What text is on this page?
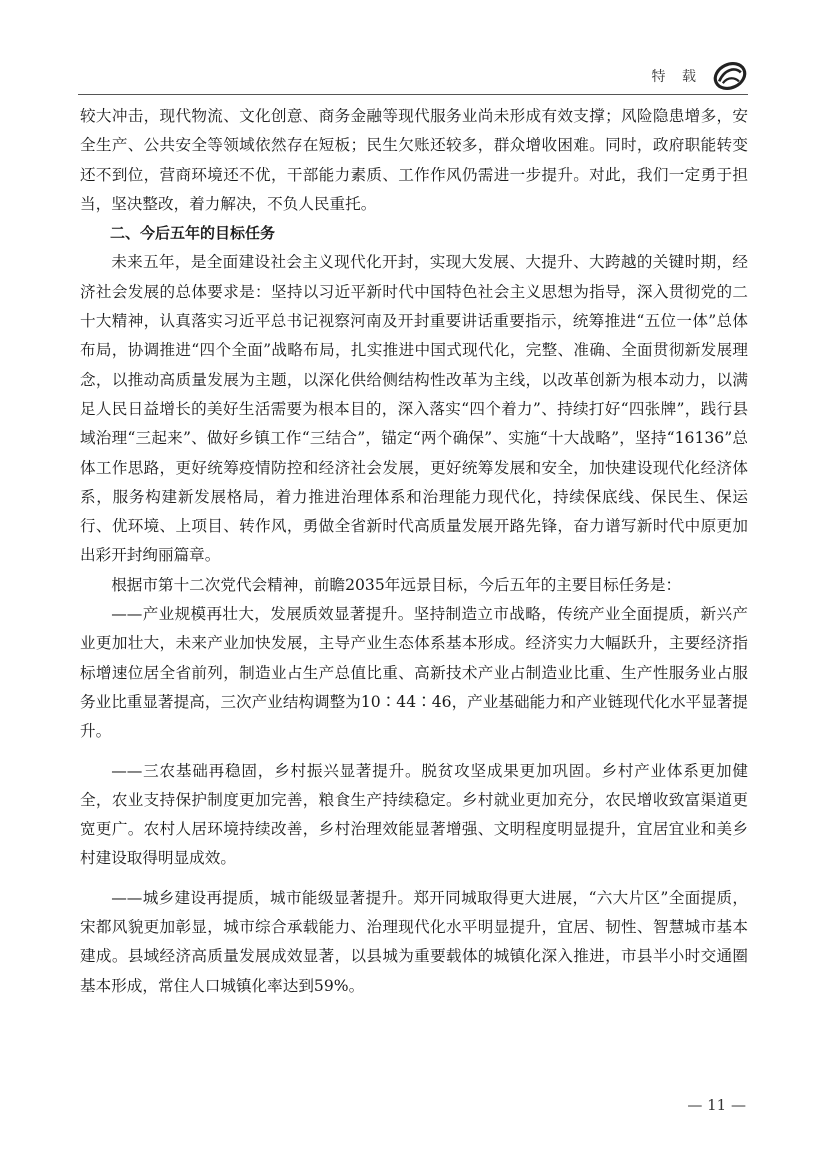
特 载

较大冲击，现代物流、文化创意、商务金融等现代服务业尚未形成有效支撑；风险隐患增多，安全生产、公共安全等领域依然存在短板；民生欠账还较多，群众增收困难。同时，政府职能转变还不到位，营商环境还不优，干部能力素质、工作作风仍需进一步提升。对此，我们一定勇于担当，坚决整改，着力解决，不负人民重托。

二、今后五年的目标任务

未来五年，是全面建设社会主义现代化开封，实现大发展、大提升、大跨越的关键时期，经济社会发展的总体要求是：坚持以习近平新时代中国特色社会主义思想为指导，深入贯彻党的二十大精神，认真落实习近平总书记视察河南及开封重要讲话重要指示，统筹推进“五位一体”总体布局，协调推进“四个全面”战略布局，扎实推进中国式现代化，完整、准确、全面贯彻新发展理念，以推动高质量发展为主题，以深化供给侧结构性改革为主线，以改革创新为根本动力，以满足人民日益增长的美好生活需要为根本目的，深入落实“四个着力”、持续打好“四张牌”，践行县域治理“三起来”、做好乡镇工作“三结合”，锚定“两个确保”、实施“十大战略”，坚持“16136”总体工作思路，更好统筹疫情防控和经济社会发展，更好统筹发展和安全，加快建设现代化经济体系，服务构建新发展格局，着力推进治理体系和治理能力现代化，持续保底线、保民生、保运行、优环境、上项目、转作风，勇做全省新时代高质量发展开路先锋，奋力谱写新时代中原更加出彩开封绚丽篇章。

根据市第十二次党代会精神，前瞻2035年远景目标，今后五年的主要目标任务是：

——产业规模再壮大，发展质效显著提升。坚持制造立市战略，传统产业全面提质，新兴产业更加壮大，未来产业加快发展，主导产业生态体系基本形成。经济实力大幅跃升，主要经济指标增速位居全省前列，制造业占生产总值比重、高新技术产业占制造业比重、生产性服务业占服务业比重显著提高，三次产业结构调整为10∶44∶46，产业基础能力和产业链现代化水平显著提升。

——三农基础再稳固，乡村振兴显著提升。脱贫攻坚成果更加巩固。乡村产业体系更加健全，农业支持保护制度更加完善，粮食生产持续稳定。乡村就业更加充分，农民增收致富渠道更宽更广。农村人居环境持续改善，乡村治理效能显著增强、文明程度明显提升，宜居宜业和美乡村建设取得明显成效。

——城乡建设再提质，城市能级显著提升。郑开同城取得更大进展，“六大片区”全面提质，宋都风貌更加彰显，城市综合承载能力、治理现代化水平明显提升，宜居、韧性、智慧城市基本建成。县域经济高质量发展成效显著，以县城为重要载体的城镇化深入推进，市县半小时交通圈基本形成，常住人口城镇化率达到59%。

— 11 —
